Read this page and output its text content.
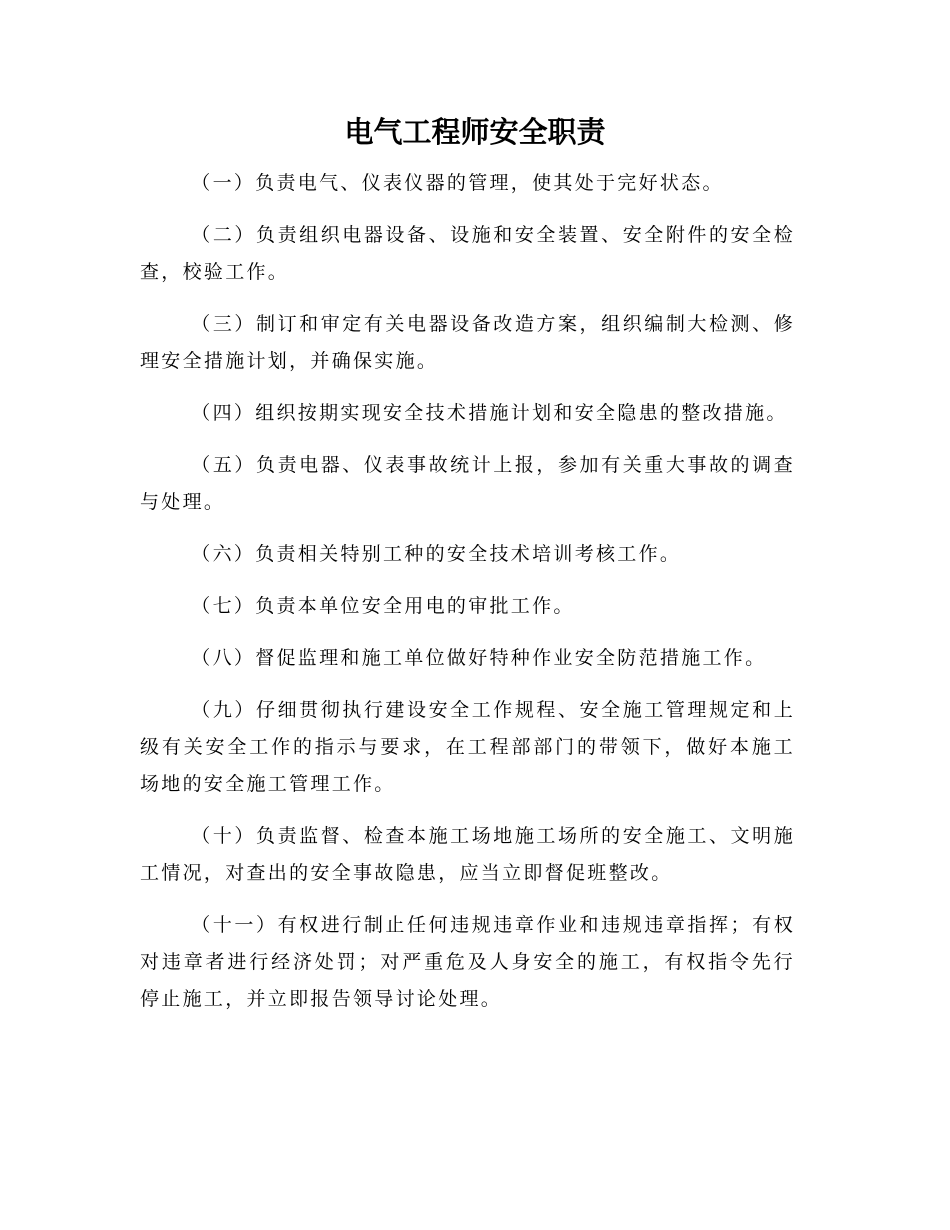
电气工程师安全职责

（一）负责电气、仪表仪器的管理，使其处于完好状态。

（二）负责组织电器设备、设施和安全装置、安全附件的安全检查，校验工作。

（三）制订和审定有关电器设备改造方案，组织编制大检测、修理安全措施计划，并确保实施。

（四）组织按期实现安全技术措施计划和安全隐患的整改措施。

（五）负责电器、仪表事故统计上报，参加有关重大事故的调查与处理。

（六）负责相关特别工种的安全技术培训考核工作。

（七）负责本单位安全用电的审批工作。

（八）督促监理和施工单位做好特种作业安全防范措施工作。

（九）仔细贯彻执行建设安全工作规程、安全施工管理规定和上级有关安全工作的指示与要求，在工程部部门的带领下，做好本施工场地的安全施工管理工作。

（十）负责监督、检查本施工场地施工场所的安全施工、文明施工情况，对查出的安全事故隐患，应当立即督促班整改。

（十一）有权进行制止任何违规违章作业和违规违章指挥；有权对违章者进行经济处罚；对严重危及人身安全的施工，有权指令先行停止施工，并立即报告领导讨论处理。
